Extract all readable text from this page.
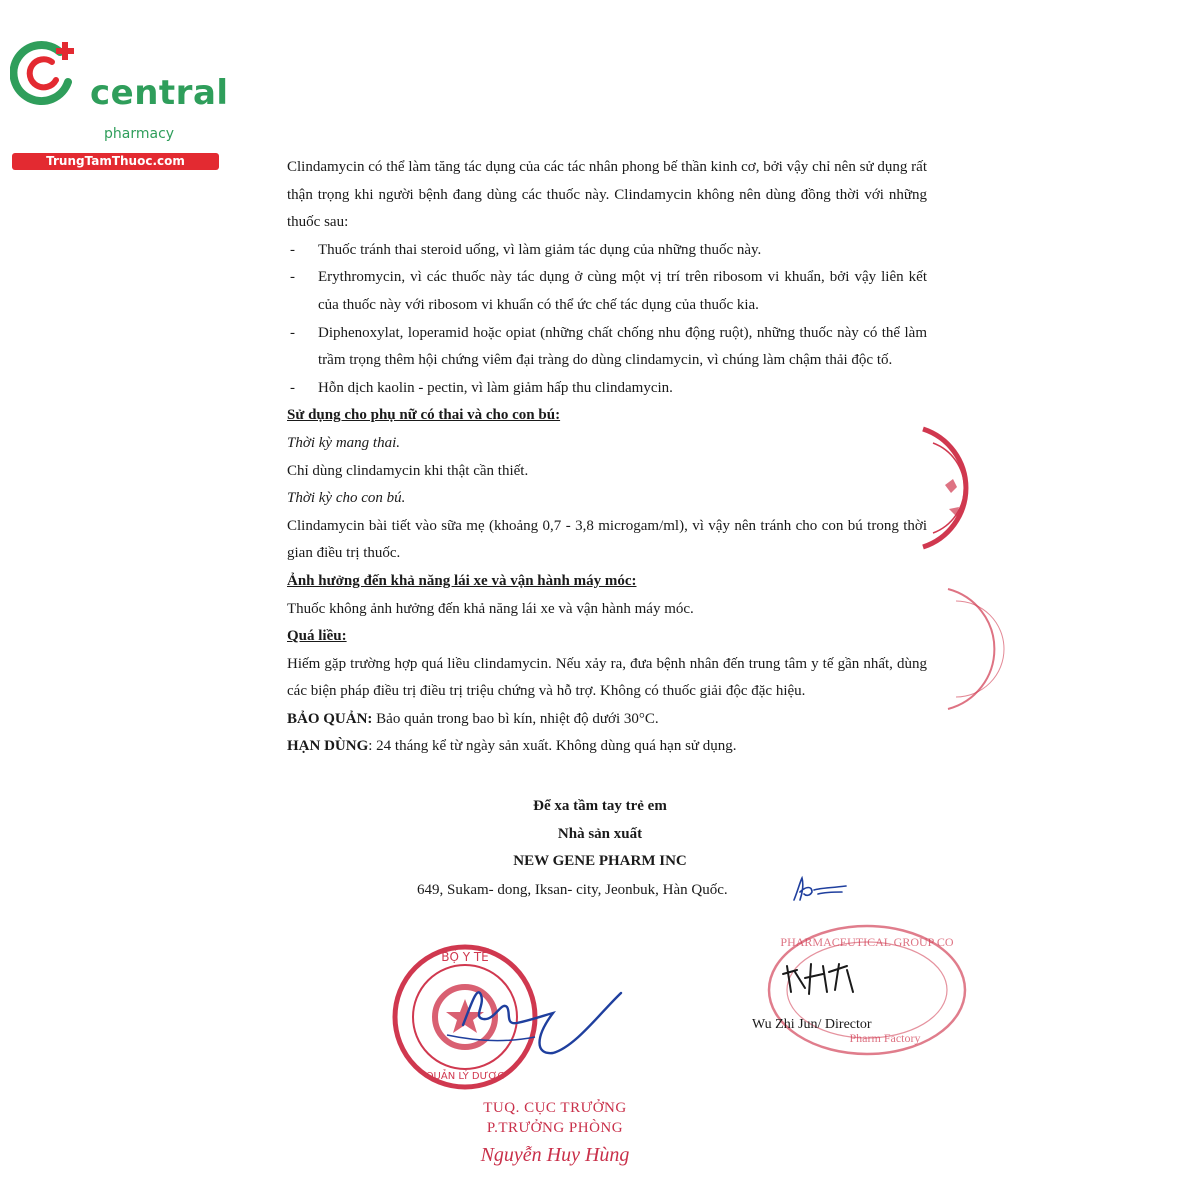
central
pharmacy
TrungTamThuoc.com	Clindamycin có thể làm tăng tác dụng của các tác nhân phong bế thần kinh cơ, bởi vậy chỉ nên sử dụng rất thận trọng khi người bệnh đang dùng các thuốc này. Clindamycin không nên dùng đồng thời với những thuốc sau:

- Thuốc tránh thai steroid uống, vì làm giảm tác dụng của những thuốc này.
- Erythromycin, vì các thuốc này tác dụng ở cùng một vị trí trên ribosom vi khuẩn, bởi vậy liên kết của thuốc này với ribosom vi khuẩn có thể ức chế tác dụng của thuốc kia.
- Diphenoxylat, loperamid hoặc opiat (những chất chống nhu động ruột), những thuốc này có thể làm trầm trọng thêm hội chứng viêm đại tràng do dùng clindamycin, vì chúng làm chậm thải độc tố.
- Hỗn dịch kaolin - pectin, vì làm giảm hấp thu clindamycin.

Sử dụng cho phụ nữ có thai và cho con bú:

Thời kỳ mang thai.

Chỉ dùng clindamycin khi thật cần thiết.

Thời kỳ cho con bú.

Clindamycin bài tiết vào sữa mẹ (khoảng 0,7 - 3,8 microgam/ml), vì vậy nên tránh cho con bú trong thời gian điều trị thuốc.

Ảnh hưởng đến khả năng lái xe và vận hành máy móc:

Thuốc không ảnh hưởng đến khả năng lái xe và vận hành máy móc.

Quá liều:

Hiếm gặp trường hợp quá liều clindamycin. Nếu xảy ra, đưa bệnh nhân đến trung tâm y tế gần nhất, dùng các biện pháp điều trị điều trị triệu chứng và hỗ trợ. Không có thuốc giải độc đặc hiệu.

BẢO QUẢN: Bảo quản trong bao bì kín, nhiệt độ dưới 30°C.

HẠN DÙNG: 24 tháng kể từ ngày sản xuất. Không dùng quá hạn sử dụng.

Để xa tầm tay trẻ em
Nhà sản xuất
NEW GENE PHARM INC
649, Sukam- dong, Iksan- city, Jeonbuk, Hàn Quốc.
BỘ Y TẾ
QUẢN LÝ DƯỢC
PHARMACEUTICAL GROUP CO
Pharm Factory
Wu Zhi Jun/ Director
TUQ. CỤC TRƯỞNG
P.TRƯỞNG PHÒNG
Nguyễn Huy Hùng
